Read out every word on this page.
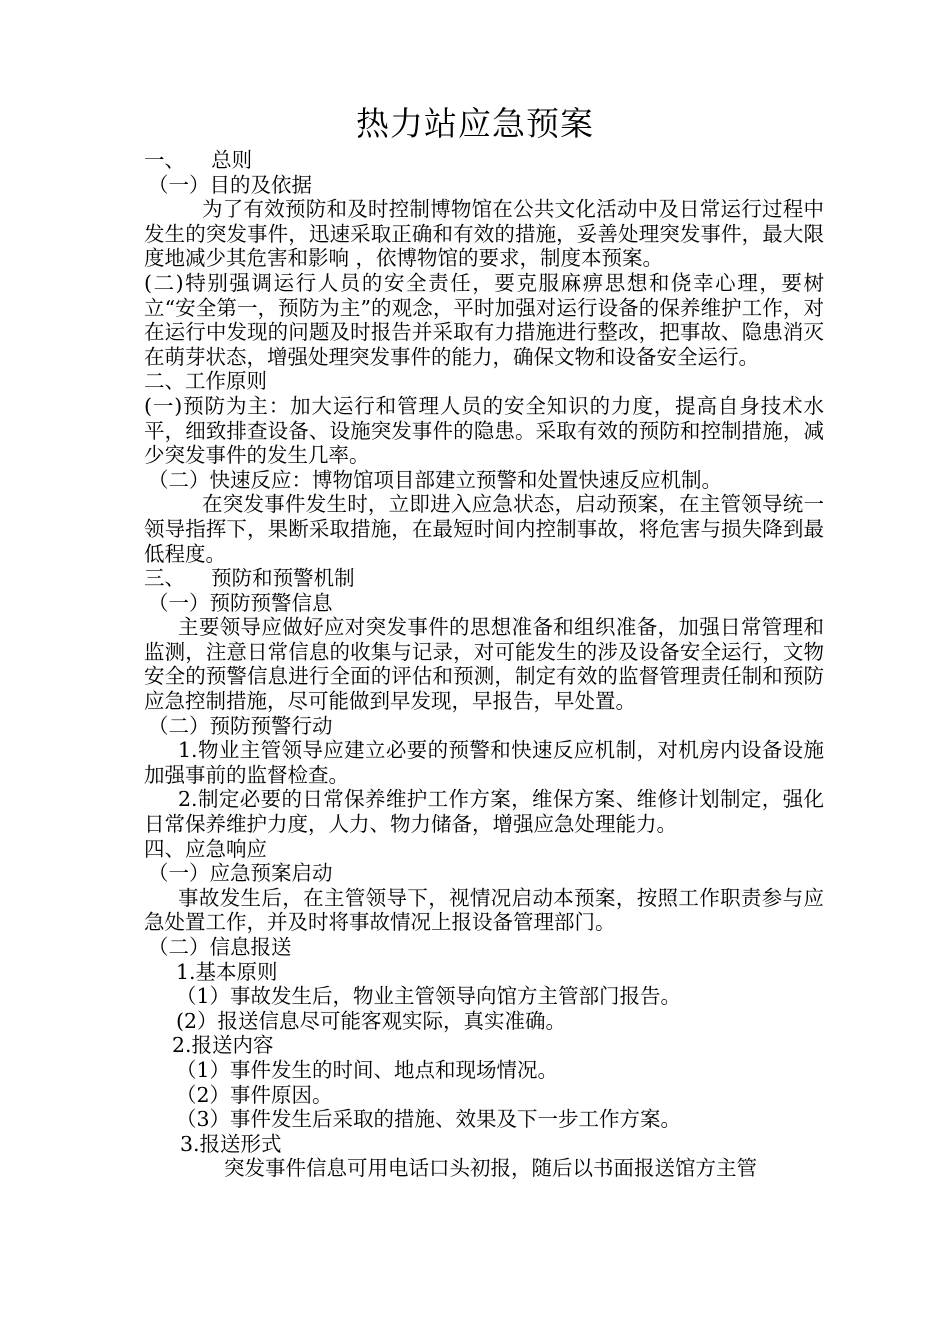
热力站应急预案

一、    总则

（一）目的及依据

为了有效预防和及时控制博物馆在公共文化活动中及日常运行过程中发生的突发事件，迅速采取正确和有效的措施，妥善处理突发事件，最大限度地减少其危害和影响 ，依博物馆的要求，制度本预案。

(二)特别强调运行人员的安全责任，要克服麻痹思想和侥幸心理，要树立“安全第一，预防为主”的观念，平时加强对运行设备的保养维护工作，对在运行中发现的问题及时报告并采取有力措施进行整改，把事故、隐患消灭在萌芽状态，增强处理突发事件的能力，确保文物和设备安全运行。

二、工作原则

(一)预防为主：加大运行和管理人员的安全知识的力度，提高自身技术水平，细致排查设备、设施突发事件的隐患。采取有效的预防和控制措施，减少突发事件的发生几率。

（二）快速反应：博物馆项目部建立预警和处置快速反应机制。

在突发事件发生时，立即进入应急状态，启动预案，在主管领导统一领导指挥下，果断采取措施，在最短时间内控制事故，将危害与损失降到最低程度。

三、    预防和预警机制

（一）预防预警信息

主要领导应做好应对突发事件的思想准备和组织准备，加强日常管理和监测，注意日常信息的收集与记录，对可能发生的涉及设备安全运行，文物安全的预警信息进行全面的评估和预测，制定有效的监督管理责任制和预防应急控制措施，尽可能做到早发现，早报告，早处置。

（二）预防预警行动

1.物业主管领导应建立必要的预警和快速反应机制，对机房内设备设施加强事前的监督检查。

2.制定必要的日常保养维护工作方案，维保方案、维修计划制定，强化日常保养维护力度，人力、物力储备，增强应急处理能力。

四、应急响应

（一）应急预案启动

事故发生后，在主管领导下，视情况启动本预案，按照工作职责参与应急处置工作，并及时将事故情况上报设备管理部门。

（二）信息报送

1.基本原则

（1）事故发生后，物业主管领导向馆方主管部门报告。

(2）报送信息尽可能客观实际，真实准确。

2.报送内容

（1）事件发生的时间、地点和现场情况。

（2）事件原因。

（3）事件发生后采取的措施、效果及下一步工作方案。

3.报送形式

突发事件信息可用电话口头初报，随后以书面报送馆方主管
